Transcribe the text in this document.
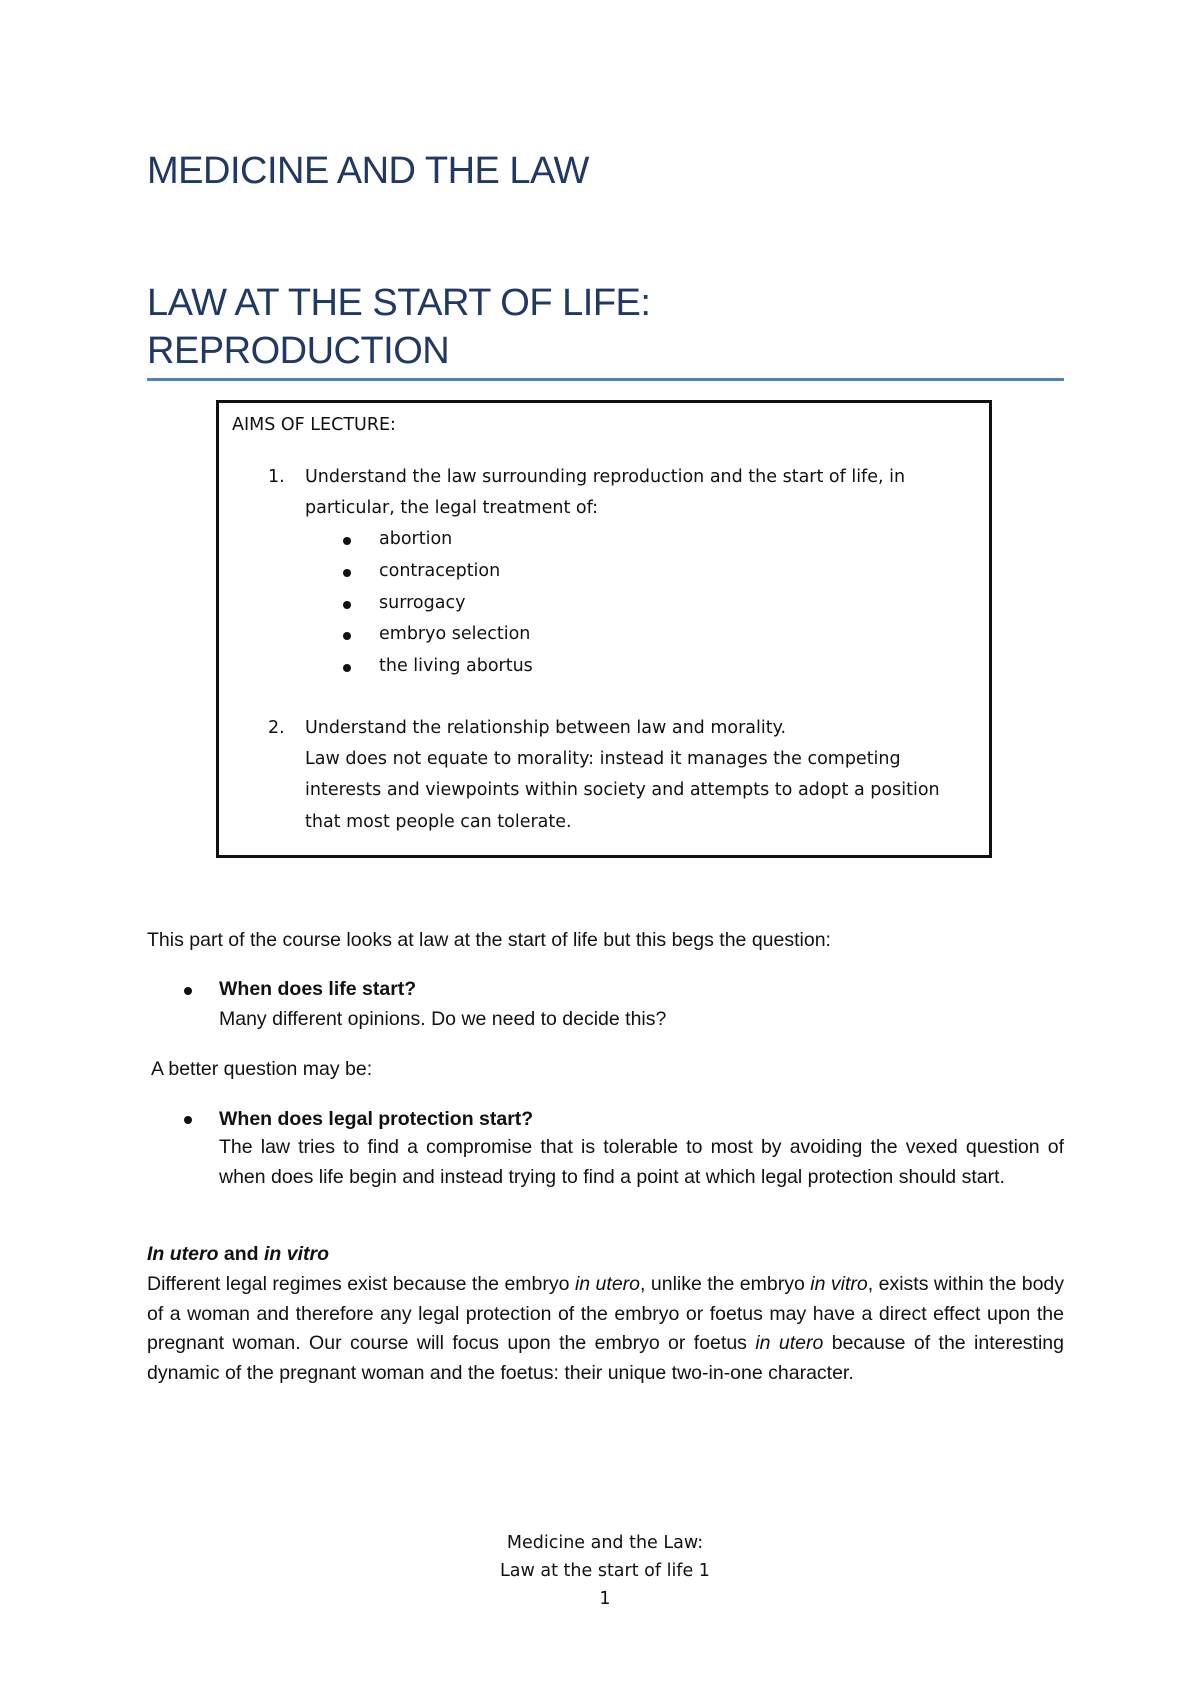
MEDICINE AND THE LAW
LAW AT THE START OF LIFE:
REPRODUCTION
AIMS OF LECTURE:
1. Understand the law surrounding reproduction and the start of life, in
particular, the legal treatment of:
abortion
contraception
surrogacy
embryo selection
the living abortus
2. Understand the relationship between law and morality.
Law does not equate to morality: instead it manages the competing
interests and viewpoints within society and attempts to adopt a position
that most people can tolerate.
This part of the course looks at law at the start of life but this begs the question:
When does life start?
Many different opinions. Do we need to decide this?
A better question may be:
When does legal protection start?
The law tries to find a compromise that is tolerable to most by avoiding the vexed question of when does life begin and instead trying to find a point at which legal protection should start.
In utero and in vitro
Different legal regimes exist because the embryo in utero, unlike the embryo in vitro, exists within the body of a woman and therefore any legal protection of the embryo or foetus may have a direct effect upon the pregnant woman. Our course will focus upon the embryo or foetus in utero because of the interesting dynamic of the pregnant woman and the foetus: their unique two-in-one character.
Medicine and the Law:
Law at the start of life 1
1
